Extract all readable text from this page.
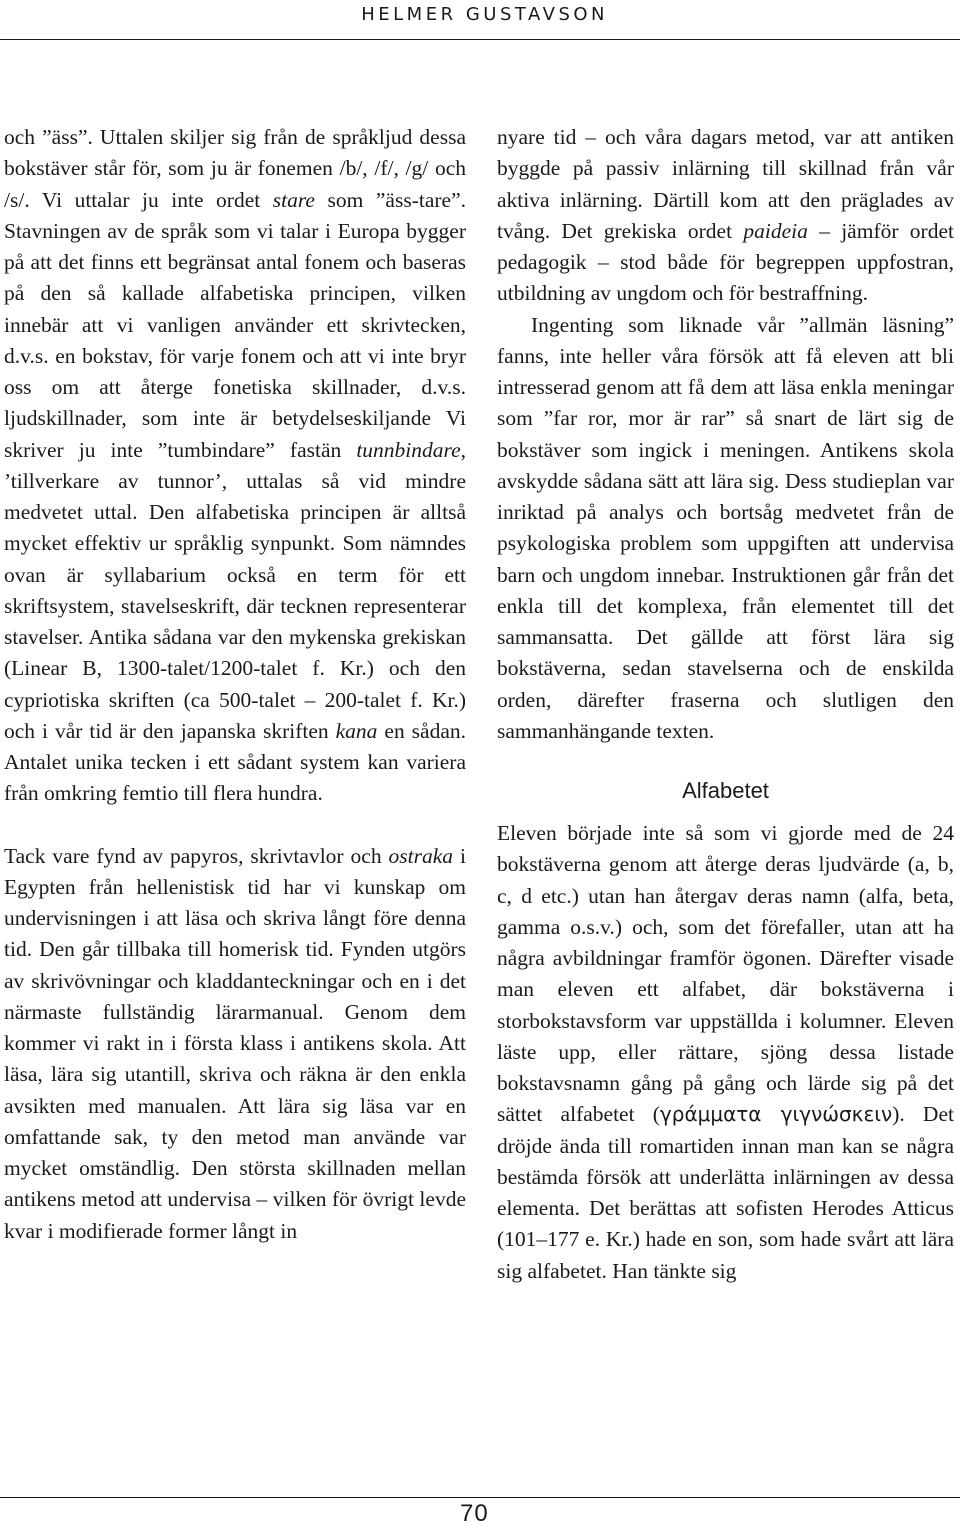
HELMER GUSTAVSON

och ”äss”. Uttalen skiljer sig från de språkljud dessa bokstäver står för, som ju är fonemen /b/, /f/, /g/ och /s/. Vi uttalar ju inte ordet stare som ”äss-tare”. Stavningen av de språk som vi talar i Europa bygger på att det finns ett begränsat antal fonem och baseras på den så kallade alfabetiska principen, vilken innebär att vi vanligen använder ett skrivtecken, d.v.s. en bokstav, för varje fonem och att vi inte bryr oss om att återge fonetiska skillnader, d.v.s. ljudskillnader, som inte är betydelseskiljande Vi skriver ju inte ”tumbindare” fastän tunnbindare, ’tillverkare av tunnor’, uttalas så vid mindre medvetet uttal. Den alfabetiska principen är alltså mycket effektiv ur språklig synpunkt. Som nämndes ovan är syllabarium också en term för ett skriftsystem, stavelseskrift, där tecknen representerar stavelser. Antika sådana var den mykenska grekiskan (Linear B, 1300-talet/1200-talet f. Kr.) och den cypriotiska skriften (ca 500-talet – 200-talet f. Kr.) och i vår tid är den japanska skriften kana en sådan. Antalet unika tecken i ett sådant system kan variera från omkring femtio till flera hundra.

Tack vare fynd av papyros, skrivtavlor och ostraka i Egypten från hellenistisk tid har vi kunskap om undervisningen i att läsa och skriva långt före denna tid. Den går tillbaka till homerisk tid. Fynden utgörs av skrivövningar och kladdanteckningar och en i det närmaste fullständig lärarmanual. Genom dem kommer vi rakt in i första klass i antikens skola. Att läsa, lära sig utantill, skriva och räkna är den enkla avsikten med manualen. Att lära sig läsa var en omfattande sak, ty den metod man använde var mycket omständlig. Den största skillnaden mellan antikens metod att undervisa – vilken för övrigt levde kvar i modifierade former långt in

nyare tid – och våra dagars metod, var att antiken byggde på passiv inlärning till skillnad från vår aktiva inlärning. Därtill kom att den präglades av tvång. Det grekiska ordet paideia – jämför ordet pedagogik – stod både för begreppen uppfostran, utbildning av ungdom och för bestraffning.

Ingenting som liknade vår ”allmän läsning” fanns, inte heller våra försök att få eleven att bli intresserad genom att få dem att läsa enkla meningar som ”far ror, mor är rar” så snart de lärt sig de bokstäver som ingick i meningen. Antikens skola avskydde sådana sätt att lära sig. Dess studieplan var inriktad på analys och bortsåg medvetet från de psykologiska problem som uppgiften att undervisa barn och ungdom innebar. Instruktionen går från det enkla till det komplexa, från elementet till det sammansatta. Det gällde att först lära sig bokstäverna, sedan stavelserna och de enskilda orden, därefter fraserna och slutligen den sammanhängande texten.

Alfabetet

Eleven började inte så som vi gjorde med de 24 bokstäverna genom att återge deras ljudvärde (a, b, c, d etc.) utan han återgav deras namn (alfa, beta, gamma o.s.v.) och, som det förefaller, utan att ha några avbildningar framför ögonen. Därefter visade man eleven ett alfabet, där bokstäverna i storbokstavsform var uppställda i kolumner. Eleven läste upp, eller rättare, sjöng dessa listade bokstavsnamn gång på gång och lärde sig på det sättet alfabetet (γράμματα γιγνώσκειν). Det dröjde ända till romartiden innan man kan se några bestämda försök att underlätta inlärningen av dessa elementa. Det berättas att sofisten Herodes Atticus (101–177 e. Kr.) hade en son, som hade svårt att lära sig alfabetet. Han tänkte sig

70
